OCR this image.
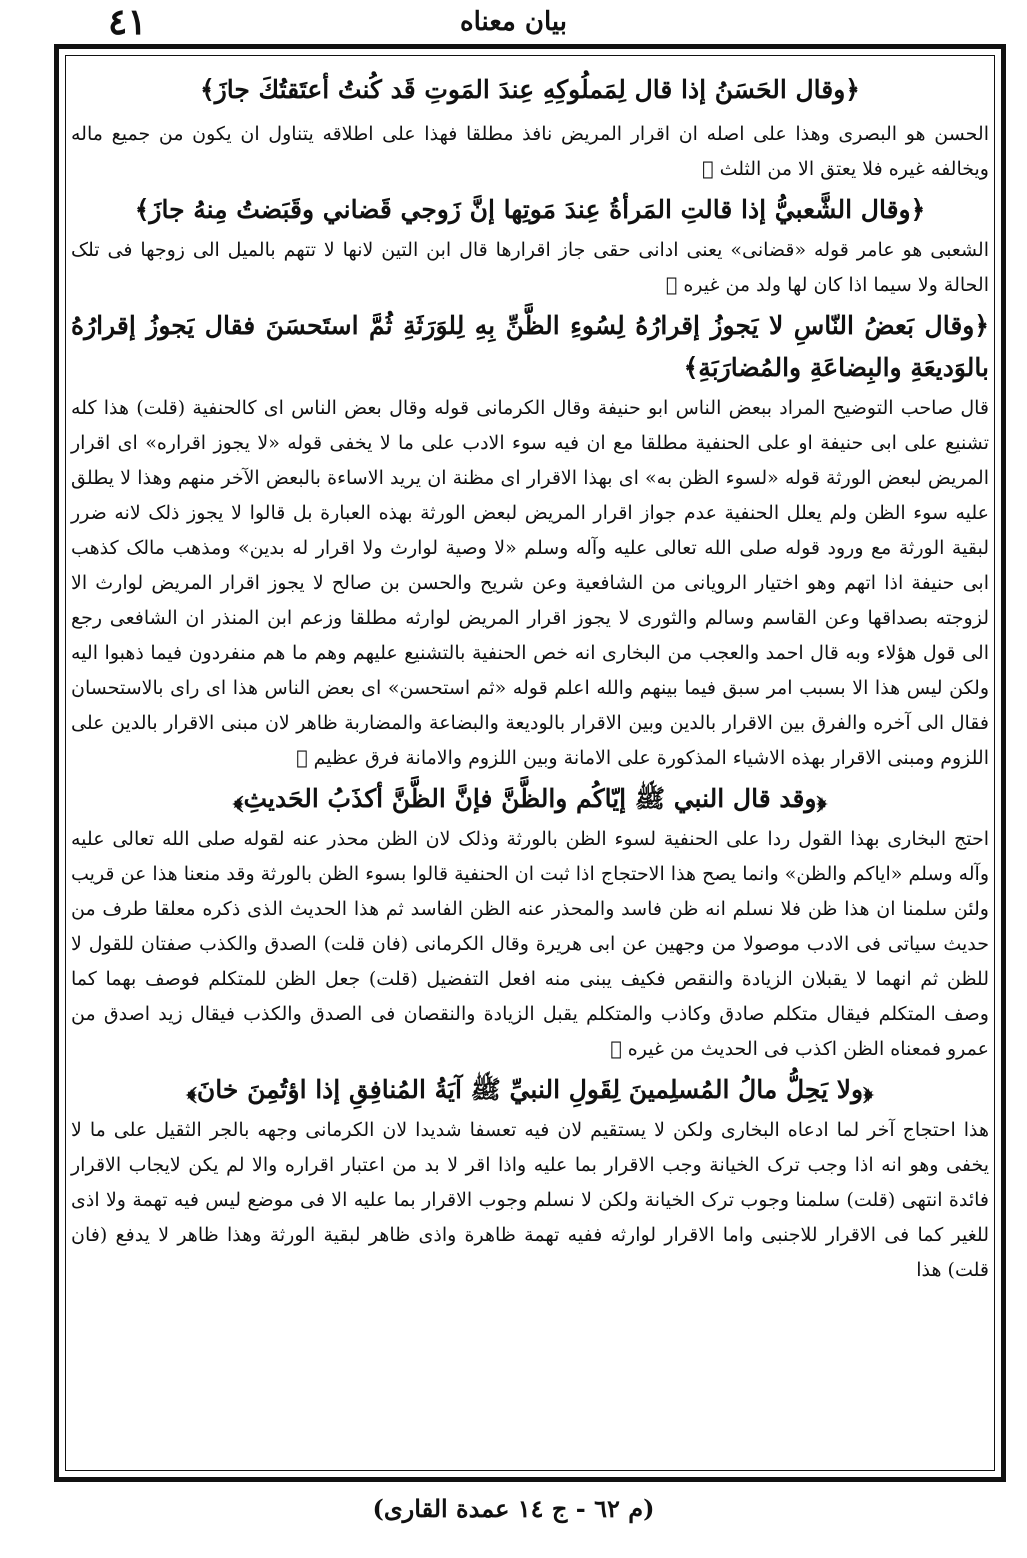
٤١	بيان معناه
﴿وقال الحَسَنُ إذا قال لِمَملُوكِهِ عِندَ المَوتِ قَد كُنتُ أعتَقتُكَ جازَ﴾

الحسن هو البصری وهذا علی اصله ان اقرار المریض نافذ مطلقا فهذا علی اطلاقه یتناول ان یکون من جمیع ماله ویخالفه غیره فلا یعتق الا من الثلث ﷯

﴿وقال الشَّعبيُّ إذا قالتِ المَرأةُ عِندَ مَوتِها إنَّ زَوجي قَضاني وقَبَضتُ مِنهُ جازَ﴾

الشعبی هو عامر قوله «قضانی» یعنی ادانی حقی جاز اقرارها قال ابن التین لانها لا تتهم بالمیل الی زوجها فی تلک الحالة ولا سیما اذا کان لها ولد من غیره ﷯

﴿وقال بَعضُ النّاسِ لا يَجوزُ إقرارُهُ لِسُوءِ الظَّنِّ بِهِ لِلوَرَثَةِ ثُمَّ استَحسَنَ فقال يَجوزُ إقرارُهُ بالوَديعَةِ والبِضاعَةِ والمُضارَبَةِ﴾

قال صاحب التوضیح المراد ببعض الناس ابو حنیفة وقال الکرمانی قوله وقال بعض الناس ای کالحنفیة (قلت) هذا کله تشنیع علی ابی حنیفة او علی الحنفیة مطلقا مع ان فیه سوء الادب علی ما لا یخفی قوله «لا یجوز اقراره» ای اقرار المریض لبعض الورثة قوله «لسوء الظن به» ای بهذا الاقرار ای مظنة ان یرید الاساءة بالبعض الآخر منهم وهذا لا یطلق علیه سوء الظن ولم یعلل الحنفیة عدم جواز اقرار المریض لبعض الورثة بهذه العبارة بل قالوا لا یجوز ذلک لانه ضرر لبقیة الورثة مع ورود قوله صلی الله تعالی علیه وآله وسلم «لا وصیة لوارث ولا اقرار له بدین» ومذهب مالک کذهب ابی حنیفة اذا اتهم وهو اختیار الرویانی من الشافعیة وعن شریح والحسن بن صالح لا یجوز اقرار المریض لوارث الا لزوجته بصداقها وعن القاسم وسالم والثوری لا یجوز اقرار المریض لوارثه مطلقا وزعم ابن المنذر ان الشافعی رجع الی قول هؤلاء وبه قال احمد والعجب من البخاری انه خص الحنفیة بالتشنیع علیهم وهم ما هم منفردون فیما ذهبوا الیه ولکن لیس هذا الا بسبب امر سبق فیما بینهم والله اعلم قوله «ثم استحسن» ای بعض الناس هذا ای رای بالاستحسان فقال الی آخره والفرق بین الاقرار بالدین وبین الاقرار بالودیعة والبضاعة والمضاربة ظاهر لان مبنی الاقرار بالدین علی اللزوم ومبنی الاقرار بهذه الاشیاء المذکورة علی الامانة وبین اللزوم والامانة فرق عظیم ﷯

﴿وقد قال النبي ﷺ إيّاكُم والظَّنَّ فإنَّ الظَّنَّ أكذَبُ الحَديثِ﴾

احتج البخاری بهذا القول ردا علی الحنفیة لسوء الظن بالورثة وذلک لان الظن محذر عنه لقوله صلی الله تعالی علیه وآله وسلم «ایاکم والظن» وانما یصح هذا الاحتجاج اذا ثبت ان الحنفیة قالوا بسوء الظن بالورثة وقد منعنا هذا عن قریب ولئن سلمنا ان هذا ظن فلا نسلم انه ظن فاسد والمحذر عنه الظن الفاسد ثم هذا الحدیث الذی ذکره معلقا طرف من حدیث سیاتی فی الادب موصولا من وجهین عن ابی هریرة وقال الکرمانی (فان قلت) الصدق والکذب صفتان للقول لا للظن ثم انهما لا یقبلان الزیادة والنقص فکیف یبنی منه افعل التفضیل (قلت) جعل الظن للمتکلم فوصف بهما کما وصف المتکلم فیقال متکلم صادق وکاذب والمتکلم یقبل الزیادة والنقصان فی الصدق والکذب فیقال زید اصدق من عمرو فمعناه الظن اکذب فی الحدیث من غیره ﷯

﴿ولا يَحِلُّ مالُ المُسلِمينَ لِقَولِ النبيِّ ﷺ آيَةُ المُنافِقِ إذا اؤتُمِنَ خانَ﴾

هذا احتجاج آخر لما ادعاه البخاری ولکن لا یستقیم لان فیه تعسفا شدیدا لان الکرمانی وجهه بالجر الثقیل علی ما لا یخفی وهو انه اذا وجب ترک الخیانة وجب الاقرار بما علیه واذا اقر لا بد من اعتبار اقراره والا لم یکن لایجاب الاقرار فائدة انتهی (قلت) سلمنا وجوب ترک الخیانة ولکن لا نسلم وجوب الاقرار بما علیه الا فی موضع لیس فیه تهمة ولا اذی للغیر کما فی الاقرار للاجنبی واما الاقرار لوارثه ففیه تهمة ظاهرة واذی ظاهر لبقیة الورثة وهذا ظاهر لا یدفع (فان قلت) هذا

(م ٦٢ - ج ١٤ عمدة القاری)
